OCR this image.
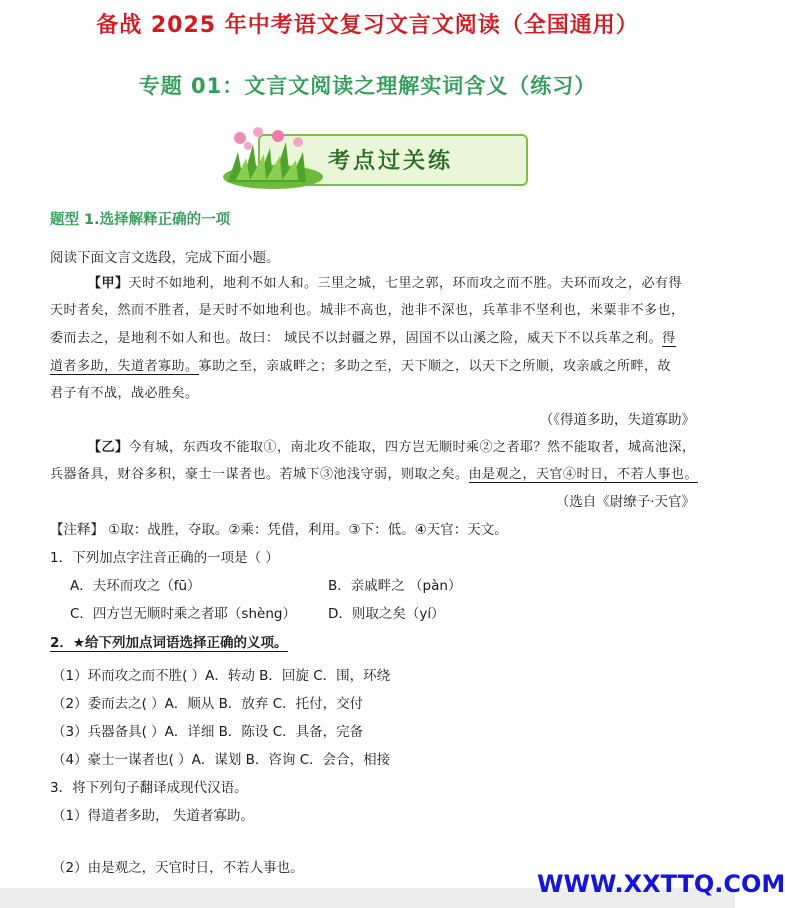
备战 2025 年中考语文复习文言文阅读（全国通用）
专题 01：文言文阅读之理解实词含义（练习）
考点过关练
题型 1.选择解释正确的一项
阅读下面文言文选段，完成下面小题。
【甲】天时不如地利，地利不如人和。三里之城，七里之郭，环而攻之而不胜。夫环而攻之，必有得
天时者矣，然而不胜者，是天时不如地利也。城非不高也，池非不深也，兵革非不坚利也，米粟非不多也，
委而去之，是地利不如人和也。故曰： 域民不以封疆之界，固国不以山溪之险，威天下不以兵革之利。得
道者多助，失道者寡助。寡助之至，亲戚畔之；多助之至，天下顺之，以天下之所顺，攻亲戚之所畔，故
君子有不战，战必胜矣。
（《得道多助，失道寡助》
【乙】今有城，东西攻不能取①，南北攻不能取，四方岂无顺时乘②之者耶？然不能取者，城高池深，
兵器备具，财谷多积，豪士一谋者也。若城下③池浅守弱，则取之矣。由是观之，天官④时日，不若人事也。
（选自《尉缭子·天官》
【注释】 ①取：战胜，夺取。②乘：凭借，利用。③下：低。④天官：天文。
1．下列加点字注音正确的一项是（ ）
A．夫环而攻之（fū）	B．亲戚畔之 （pàn）
C．四方岂无顺时乘之者耶（shèng） D．则取之矣（yí）
2．★给下列加点词语选择正确的义项。
（1）环而攻之而不胜( ）A．转动 B．回旋 C．围，环绕
（2）委而去之( ）A．顺从 B．放弃 C．托付，交付
（3）兵器备具( ）A．详细 B．陈设 C．具备，完备
（4）豪士一谋者也( ）A．谋划 B．咨询 C．会合，相接
3．将下列句子翻译成现代汉语。
（1）得道者多助， 失道者寡助。
（2）由是观之，天官时日，不若人事也。
WWW.XXTTQ.COM
